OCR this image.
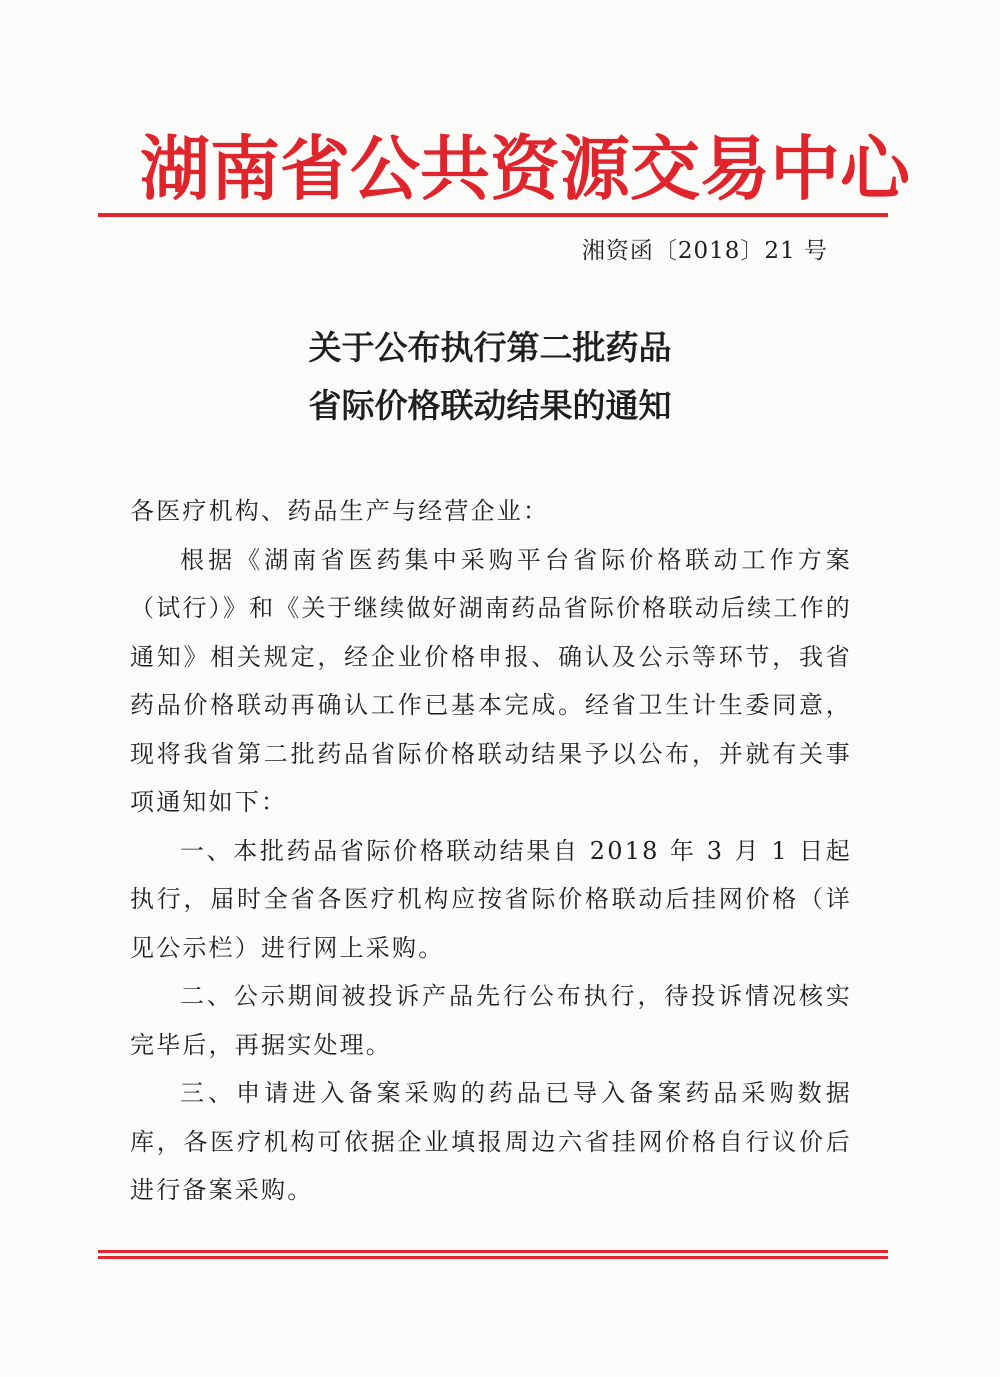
湖南省公共资源交易中心
湘资函〔2018〕21 号
关于公布执行第二批药品
省际价格联动结果的通知

各医疗机构、药品生产与经营企业：

根据《湖南省医药集中采购平台省际价格联动工作方案（试行）》和《关于继续做好湖南药品省际价格联动后续工作的通知》相关规定，经企业价格申报、确认及公示等环节，我省药品价格联动再确认工作已基本完成。经省卫生计生委同意，现将我省第二批药品省际价格联动结果予以公布，并就有关事项通知如下：

一、本批药品省际价格联动结果自 2018 年 3 月 1 日起执行，届时全省各医疗机构应按省际价格联动后挂网价格（详见公示栏）进行网上采购。

二、公示期间被投诉产品先行公布执行，待投诉情况核实完毕后，再据实处理。

三、申请进入备案采购的药品已导入备案药品采购数据库，各医疗机构可依据企业填报周边六省挂网价格自行议价后进行备案采购。
